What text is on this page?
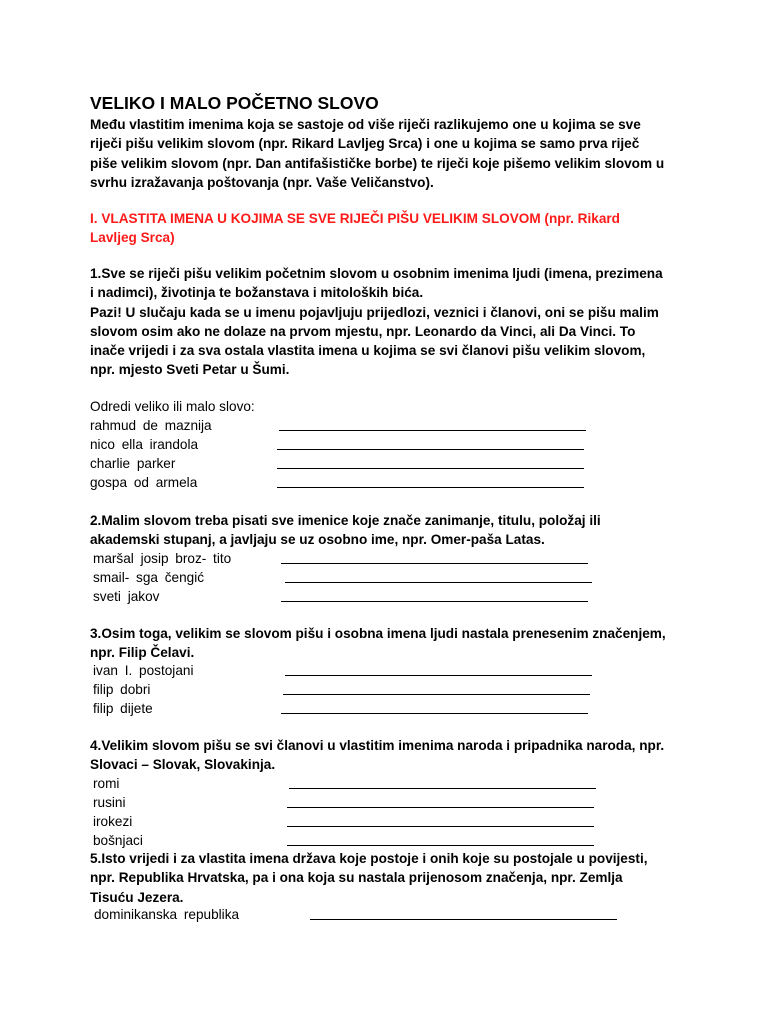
VELIKO I MALO POČETNO SLOVO
Među vlastitim imenima koja se sastoje od više riječi razlikujemo one u kojima se sve
riječi pišu velikim slovom (npr. Rikard Lavljeg Srca) i one u kojima se samo prva riječ
piše velikim slovom (npr. Dan antifašističke borbe) te riječi koje pišemo velikim slovom u
svrhu izražavanja poštovanja (npr. Vaše Veličanstvo).
I. VLASTITA IMENA U KOJIMA SE SVE RIJEČI PIŠU VELIKIM SLOVOM (npr. Rikard
Lavljeg Srca)
1.Sve se riječi pišu velikim početnim slovom u osobnim imenima ljudi (imena, prezimena
i nadimci), životinja te božanstava i mitoloških bića.
Pazi! U slučaju kada se u imenu pojavljuju prijedlozi, veznici i članovi, oni se pišu malim
slovom osim ako ne dolaze na prvom mjestu, npr. Leonardo da Vinci, ali Da Vinci. To
inače vrijedi i za sva ostala vlastita imena u kojima se svi članovi pišu velikim slovom,
npr. mjesto Sveti Petar u Šumi.
Odredi veliko ili malo slovo:
rahmud de maznija
nico ella irandola
charlie parker
gospa od armela
2.Malim slovom treba pisati sve imenice koje znače zanimanje, titulu, položaj ili
akademski stupanj, a javljaju se uz osobno ime, npr. Omer-paša Latas.
maršal josip broz- tito
smail- sga čengić
sveti jakov
3.Osim toga, velikim se slovom pišu i osobna imena ljudi nastala prenesenim značenjem,
npr. Filip Čelavi.
ivan I. postojani
filip dobri
filip dijete
4.Velikim slovom pišu se svi članovi u vlastitim imenima naroda i pripadnika naroda, npr.
Slovaci – Slovak, Slovakinja.
romi
rusini
irokezi
bošnjaci
5.Isto vrijedi i za vlastita imena država koje postoje i onih koje su postojale u povijesti,
npr. Republika Hrvatska, pa i ona koja su nastala prijenosom značenja, npr. Zemlja
Tisuću Jezera.
dominikanska republika
